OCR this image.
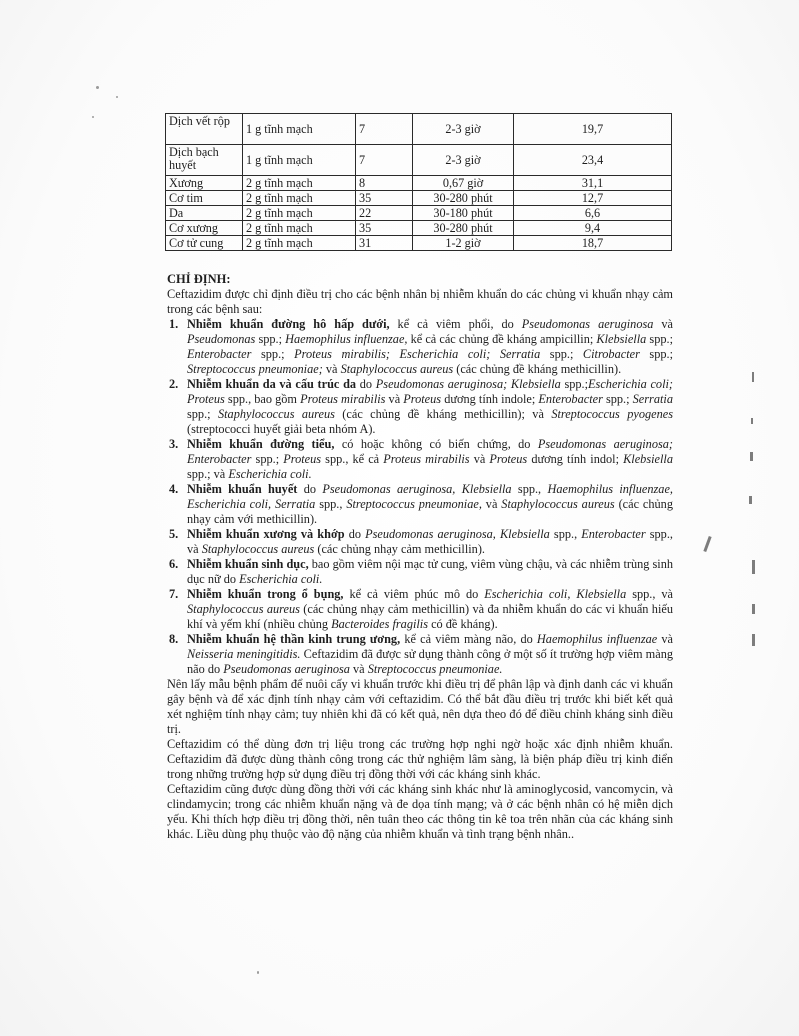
Dịch vết rộp	1 g tĩnh mạch	7	2-3 giờ	19,7
Dịch bạch huyết	1 g tĩnh mạch	7	2-3 giờ	23,4
Xương	2 g tĩnh mạch	8	0,67 giờ	31,1
Cơ tim	2 g tĩnh mạch	35	30-280 phút	12,7
Da	2 g tĩnh mạch	22	30-180 phút	6,6
Cơ xương	2 g tĩnh mạch	35	30-280 phút	9,4
Cơ tử cung	2 g tĩnh mạch	31	1-2 giờ	18,7

CHỈ ĐỊNH:

Ceftazidim được chỉ định điều trị cho các bệnh nhân bị nhiễm khuẩn do các chủng vi khuẩn nhạy cảm trong các bệnh sau:

1. Nhiễm khuẩn đường hô hấp dưới, kể cả viêm phổi, do Pseudomonas aeruginosa và Pseudomonas spp.; Haemophilus influenzae, kể cả các chủng đề kháng ampicillin; Klebsiella spp.; Enterobacter spp.; Proteus mirabilis; Escherichia coli; Serratia spp.; Citrobacter spp.; Streptococcus pneumoniae; và Staphylococcus aureus (các chủng đề kháng methicillin).
2. Nhiễm khuẩn da và cấu trúc da do Pseudomonas aeruginosa; Klebsiella spp.;Escherichia coli; Proteus spp., bao gồm Proteus mirabilis và Proteus dương tính indole; Enterobacter spp.; Serratia spp.; Staphylococcus aureus (các chủng đề kháng methicillin); và Streptococcus pyogenes (streptococci huyết giải beta nhóm A).
3. Nhiễm khuẩn đường tiểu, có hoặc không có biến chứng, do Pseudomonas aeruginosa; Enterobacter spp.; Proteus spp., kể cả Proteus mirabilis và Proteus dương tính indol; Klebsiella spp.; và Escherichia coli.
4. Nhiễm khuẩn huyết do Pseudomonas aeruginosa, Klebsiella spp., Haemophilus influenzae, Escherichia coli, Serratia spp., Streptococcus pneumoniae, và Staphylococcus aureus (các chủng nhạy cảm với methicillin).
5. Nhiễm khuẩn xương và khớp do Pseudomonas aeruginosa, Klebsiella spp., Enterobacter spp., và Staphylococcus aureus (các chủng nhạy cảm methicillin).
6. Nhiễm khuẩn sinh dục, bao gồm viêm nội mạc tử cung, viêm vùng chậu, và các nhiễm trùng sinh dục nữ do Escherichia coli.
7. Nhiễm khuẩn trong ổ bụng, kể cả viêm phúc mô do Escherichia coli, Klebsiella spp., và Staphylococcus aureus (các chủng nhạy cảm methicillin) và đa nhiễm khuẩn do các vi khuẩn hiếu khí và yếm khí (nhiều chủng Bacteroides fragilis có đề kháng).
8. Nhiễm khuẩn hệ thần kinh trung ương, kể cả viêm màng não, do Haemophilus influenzae và Neisseria meningitidis. Ceftazidim đã được sử dụng thành công ở một số ít trường hợp viêm màng não do Pseudomonas aeruginosa và Streptococcus pneumoniae.

Nên lấy mẫu bệnh phẩm để nuôi cấy vi khuẩn trước khi điều trị để phân lập và định danh các vi khuẩn gây bệnh và để xác định tính nhạy cảm với ceftazidim. Có thể bắt đầu điều trị trước khi biết kết quả xét nghiệm tính nhạy cảm; tuy nhiên khi đã có kết quả, nên dựa theo đó để điều chỉnh kháng sinh điều trị.

Ceftazidim có thể dùng đơn trị liệu trong các trường hợp nghi ngờ hoặc xác định nhiễm khuẩn. Ceftazidim đã được dùng thành công trong các thử nghiệm lâm sàng, là biện pháp điều trị kinh điển trong những trường hợp sử dụng điều trị đồng thời với các kháng sinh khác.

Ceftazidim cũng được dùng đồng thời với các kháng sinh khác như là aminoglycosid, vancomycin, và clindamycin; trong các nhiễm khuẩn nặng và đe dọa tính mạng; và ở các bệnh nhân có hệ miễn dịch yếu. Khi thích hợp điều trị đồng thời, nên tuân theo các thông tin kê toa trên nhãn của các kháng sinh khác. Liều dùng phụ thuộc vào độ nặng của nhiễm khuẩn và tình trạng bệnh nhân..
